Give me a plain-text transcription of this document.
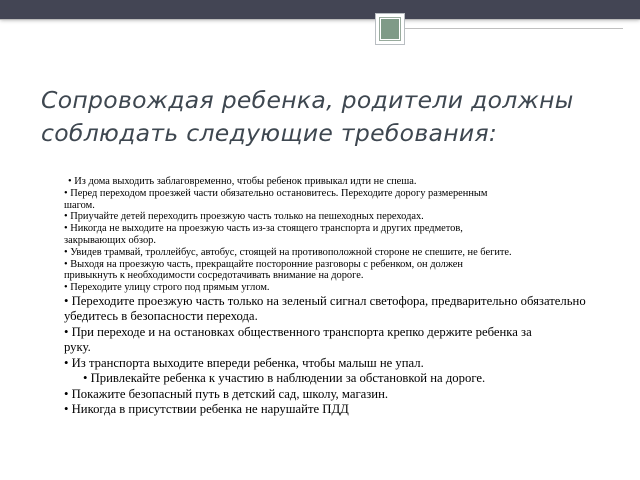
Сопровождая ребенка, родители должны соблюдать следующие требования:
• Из дома выходить заблаговременно, чтобы ребенок привыкал идти не спеша.
• Перед переходом проезжей части обязательно остановитесь. Переходите дорогу размеренным
шагом.
• Приучайте детей переходить проезжую часть только на пешеходных переходах.
• Никогда не выходите на проезжую часть из-за стоящего транспорта и других предметов,
закрывающих обзор.
• Увидев трамвай, троллейбус, автобус, стоящей на противоположной стороне не спешите, не бегите.
• Выходя на проезжую часть, прекращайте посторонние разговоры с ребенком, он должен
привыкнуть к необходимости сосредотачивать внимание на дороге.
• Переходите улицу строго под прямым углом.
• Переходите проезжую часть только на зеленый сигнал светофора, предварительно обязательно
убедитесь в безопасности перехода.
• При переходе и на остановках общественного транспорта крепко держите ребенка за
руку.
• Из транспорта выходите впереди ребенка, чтобы малыш не упал.
• Привлекайте ребенка к участию в наблюдении за обстановкой на дороге.
• Покажите безопасный путь в детский сад, школу, магазин.
• Никогда в присутствии ребенка не нарушайте ПДД
